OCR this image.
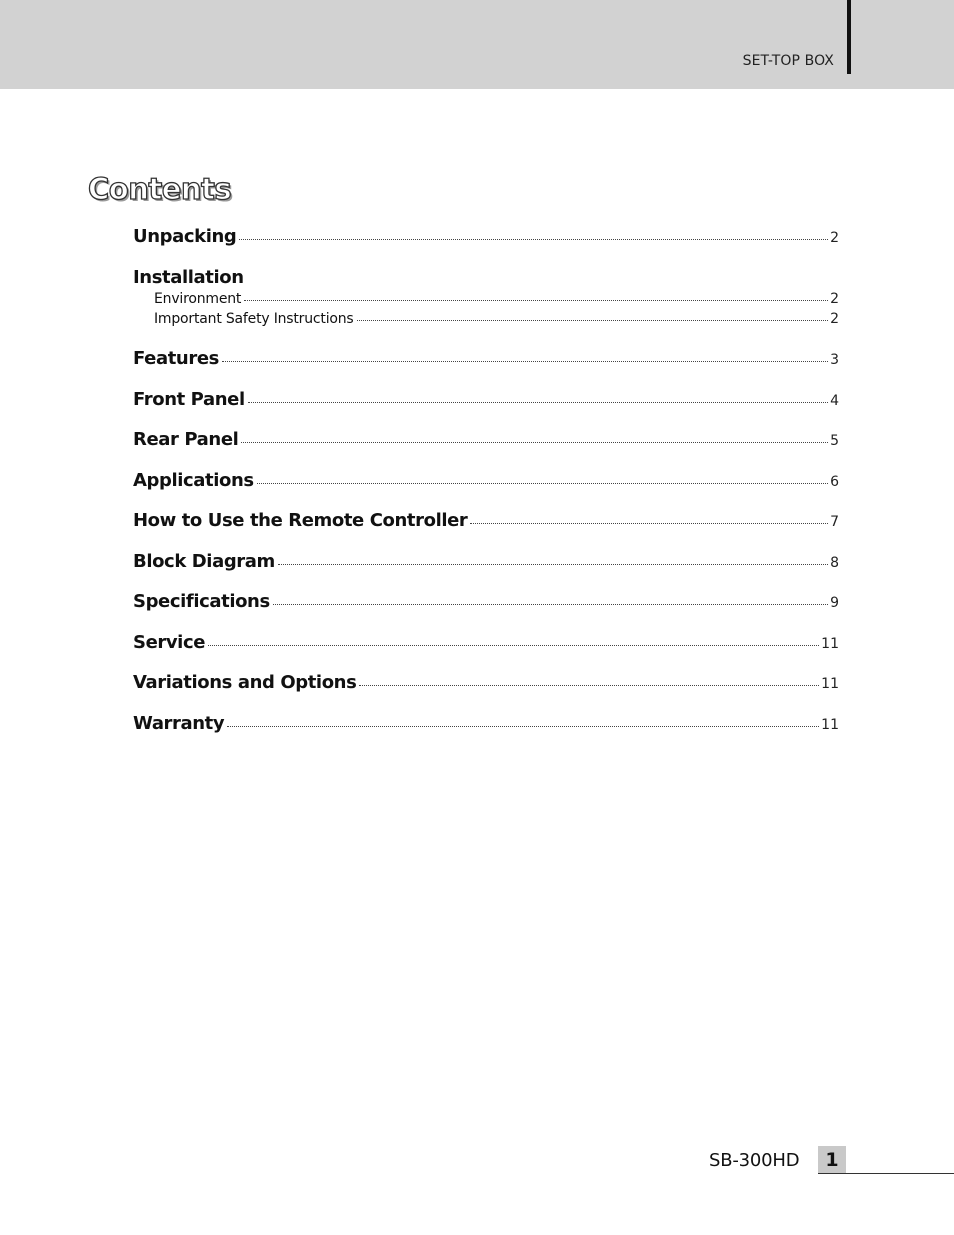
SET-TOP BOX
Contents
Unpacking	2
Installation
Environment	2
Important Safety Instructions	2
Features	3
Front Panel	4
Rear Panel	5
Applications	6
How to Use the Remote Controller	7
Block Diagram	8
Specifications	9
Service	11
Variations and Options	11
Warranty	11
SB-300HD	1
